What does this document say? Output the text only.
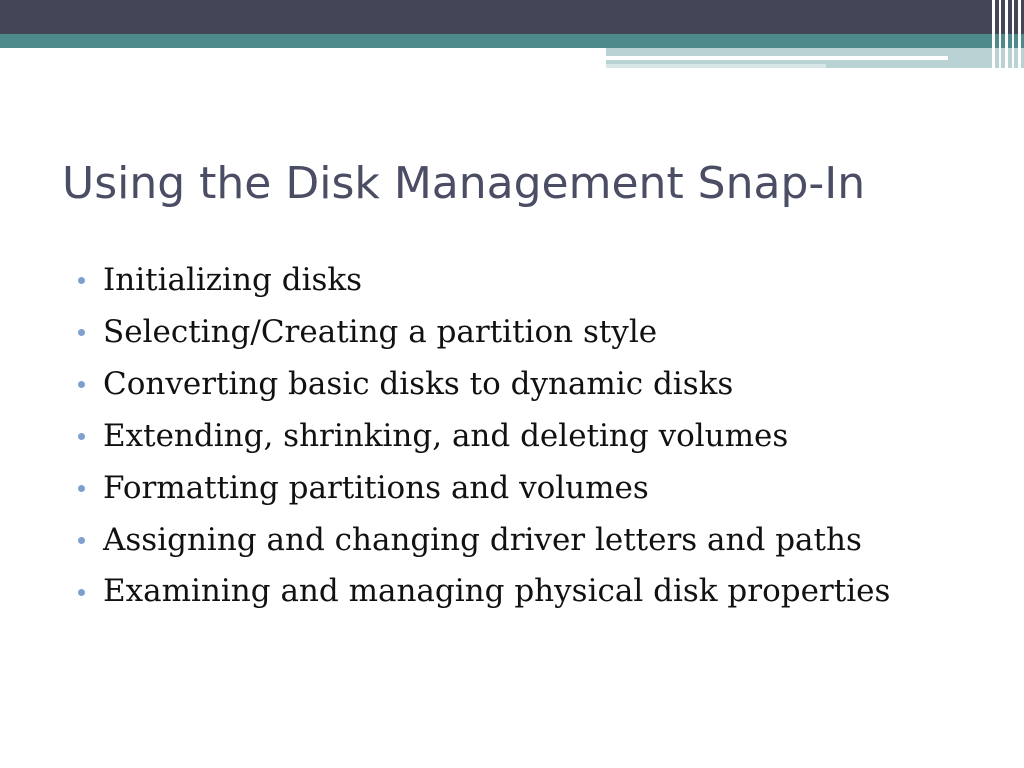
Using the Disk Management Snap-In
Initializing disks
Selecting/Creating a partition style
Converting basic disks to dynamic disks
Extending, shrinking, and deleting volumes
Formatting partitions and volumes
Assigning and changing driver letters and paths
Examining and managing physical disk properties
